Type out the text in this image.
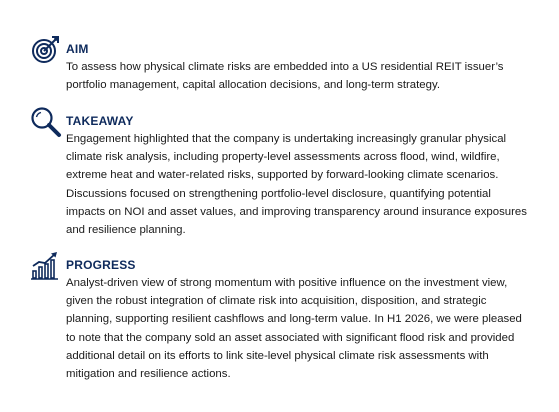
AIM
To assess how physical climate risks are embedded into a US residential REIT issuer’s portfolio management, capital allocation decisions, and long-term strategy.
TAKEAWAY
Engagement highlighted that the company is undertaking increasingly granular physical climate risk analysis, including property-level assessments across flood, wind, wildfire, extreme heat and water-related risks, supported by forward-looking climate scenarios. Discussions focused on strengthening portfolio-level disclosure, quantifying potential impacts on NOI and asset values, and improving transparency around insurance exposures and resilience planning.
PROGRESS
Analyst-driven view of strong momentum with positive influence on the investment view, given the robust integration of climate risk into acquisition, disposition, and strategic planning, supporting resilient cashflows and long-term value. In H1 2026, we were pleased to note that the company sold an asset associated with significant flood risk and provided additional detail on its efforts to link site-level physical climate risk assessments with mitigation and resilience actions.
